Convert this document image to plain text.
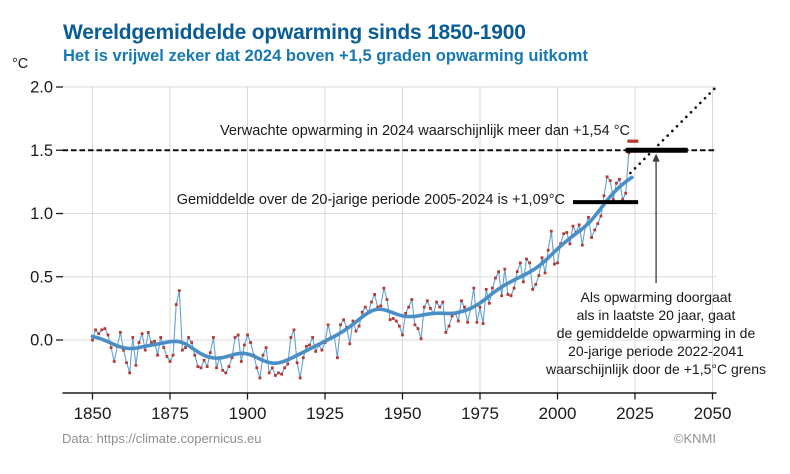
Wereldgemiddelde opwarming sinds 1850-1900
Het is vrijwel zeker dat 2024 boven +1,5 graden opwarming uitkomt
°C
0.0
0.5
1.0
1.5
2.0
1850 1875 1900 1925 1950 1975 2000 2025 2050
Verwachte opwarming in 2024 waarschijnlijk meer dan +1,54 °C
Gemiddelde over de 20-jarige periode 2005-2024 is +1,09°C
Als opwarming doorgaat
als in laatste 20 jaar, gaat
de gemiddelde opwarming in de
20-jarige periode 2022-2041
waarschijnlijk door de +1,5°C grens
Data: https://climate.copernicus.eu	©KNMI
